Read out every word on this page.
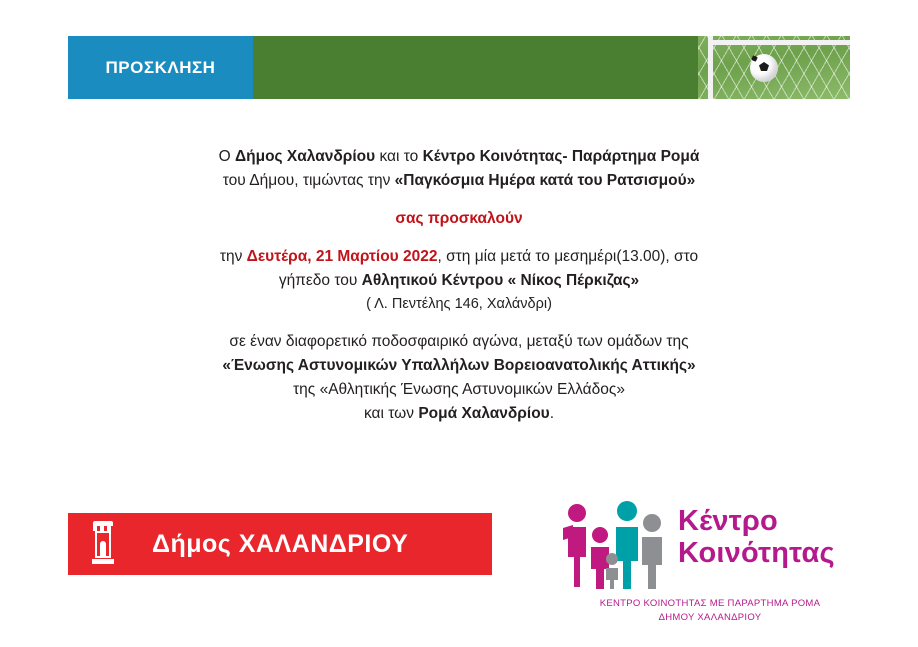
ΠΡΟΣΚΛΗΣΗ

Ο Δήμος Χαλανδρίου και το Κέντρο Κοινότητας- Παράρτημα Ρομά

του Δήμου, τιμώντας την «Παγκόσμια Ημέρα κατά του Ρατσισμού»

σας προσκαλούν

την Δευτέρα, 21 Μαρτίου 2022, στη μία μετά το μεσημέρι(13.00), στο

γήπεδο του Αθλητικού Κέντρου « Νίκος Πέρκιζας»

( Λ. Πεντέλης 146, Χαλάνδρι)

σε έναν διαφορετικό ποδοσφαιρικό αγώνα, μεταξύ των ομάδων της

«Ένωσης Αστυνομικών Υπαλλήλων Βορειοανατολικής Αττικής»

της «Αθλητικής Ένωσης Αστυνομικών Ελλάδος»

και των Ρομά Χαλανδρίου.

Δήμος ΧΑΛΑΝΔΡΙΟΥ
Κέντρο
Κοινότητας
ΚΕΝΤΡΟ ΚΟΙΝΟΤΗΤΑΣ ΜΕ ΠΑΡΑΡΤΗΜΑ ΡΟΜΑ
ΔΗΜΟΥ ΧΑΛΑΝΔΡΙΟΥ
